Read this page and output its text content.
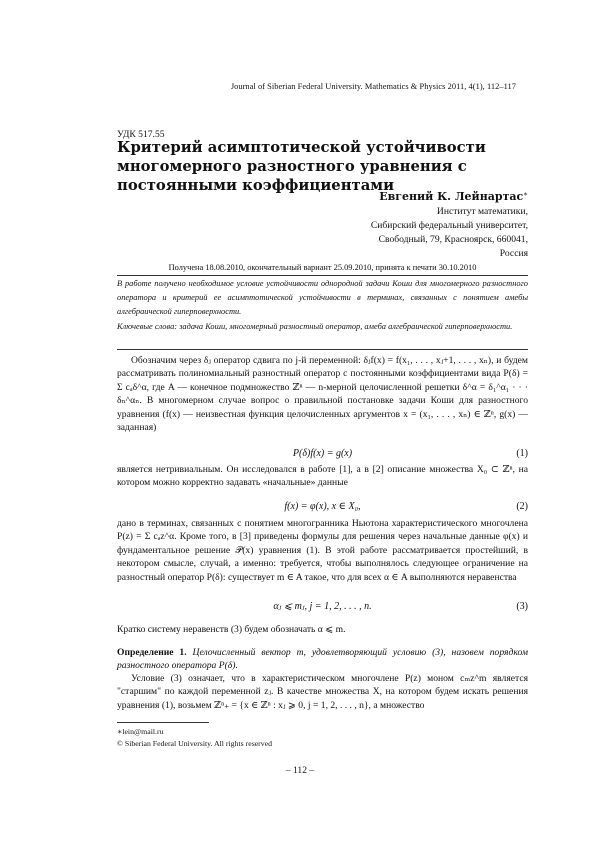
Journal of Siberian Federal University. Mathematics & Physics 2011, 4(1), 112–117
УДК 517.55
Критерий асимптотической устойчивости многомерного разностного уравнения с постоянными коэффициентами
Евгений К. Лейнартас∗
Институт математики,
Сибирский федеральный университет,
Свободный, 79, Красноярск, 660041,
Россия
Получена 18.08.2010, окончательный вариант 25.09.2010, принята к печати 30.10.2010
В работе получено необходимое условие устойчивости однородной задачи Коши для многомерного разностного оператора и критерий ее асимптотической устойчивости в терминах, связанных с понятием амебы алгебраической гиперповерхности.
Ключевые слова: задача Коши, многомерный разностный оператор, амеба алгебраической гиперповерхности.

Обозначим через δⱼ оператор сдвига по j-й переменной: δⱼf(x) = f(x₁, . . . , xⱼ+1, . . . , xₙ), и будем рассматривать полиномиальный разностный оператор с постоянными коэффициентами вида P(δ) = Σ cₐδ^α, где A — конечное подмножество ℤⁿ — n-мерной целочисленной решетки δ^α = δ₁^α₁ · · · δₙ^αₙ. В многомерном случае вопрос о правильной постановке задачи Коши для разностного уравнения (f(x) — неизвестная функция целочисленных аргументов x = (x₁, . . . , xₙ) ∈ ℤⁿ, g(x) — заданная)

P(δ)f(x) = g(x)	(1)

является нетривиальным. Он исследовался в работе [1], а в [2] описание множества X₀ ⊂ ℤⁿ, на котором можно корректно задавать «начальные» данные

f(x) = φ(x), x ∈ X₀,	(2)

дано в терминах, связанных с понятием многогранника Ньютона характеристического многочлена P(z) = Σ cₐz^α. Кроме того, в [3] приведены формулы для решения через начальные данные φ(x) и фундаментальное решение 𝒫(x) уравнения (1). В этой работе рассматривается простейший, в некотором смысле, случай, а именно: требуется, чтобы выполнялось следующее ограничение на разностный оператор P(δ): существует m ∈ A такое, что для всех α ∈ A выполняются неравенства

αⱼ ⩽ mⱼ, j = 1, 2, . . . , n.	(3)

Кратко систему неравенств (3) будем обозначать α ⩽ m.

Определение 1. Целочисленный вектор m, удовлетворяющий условию (3), назовем порядком разностного оператора P(δ).

Условие (3) означает, что в характеристическом многочлене P(z) моном cₘz^m является "старшим" по каждой переменной zⱼ. В качестве множества X, на котором будем искать решения уравнения (1), возьмем ℤⁿ₊ = {x ∈ ℤⁿ : xⱼ ⩾ 0, j = 1, 2, . . . , n}, а множество

∗lein@mail.ru
© Siberian Federal University. All rights reserved
– 112 –
